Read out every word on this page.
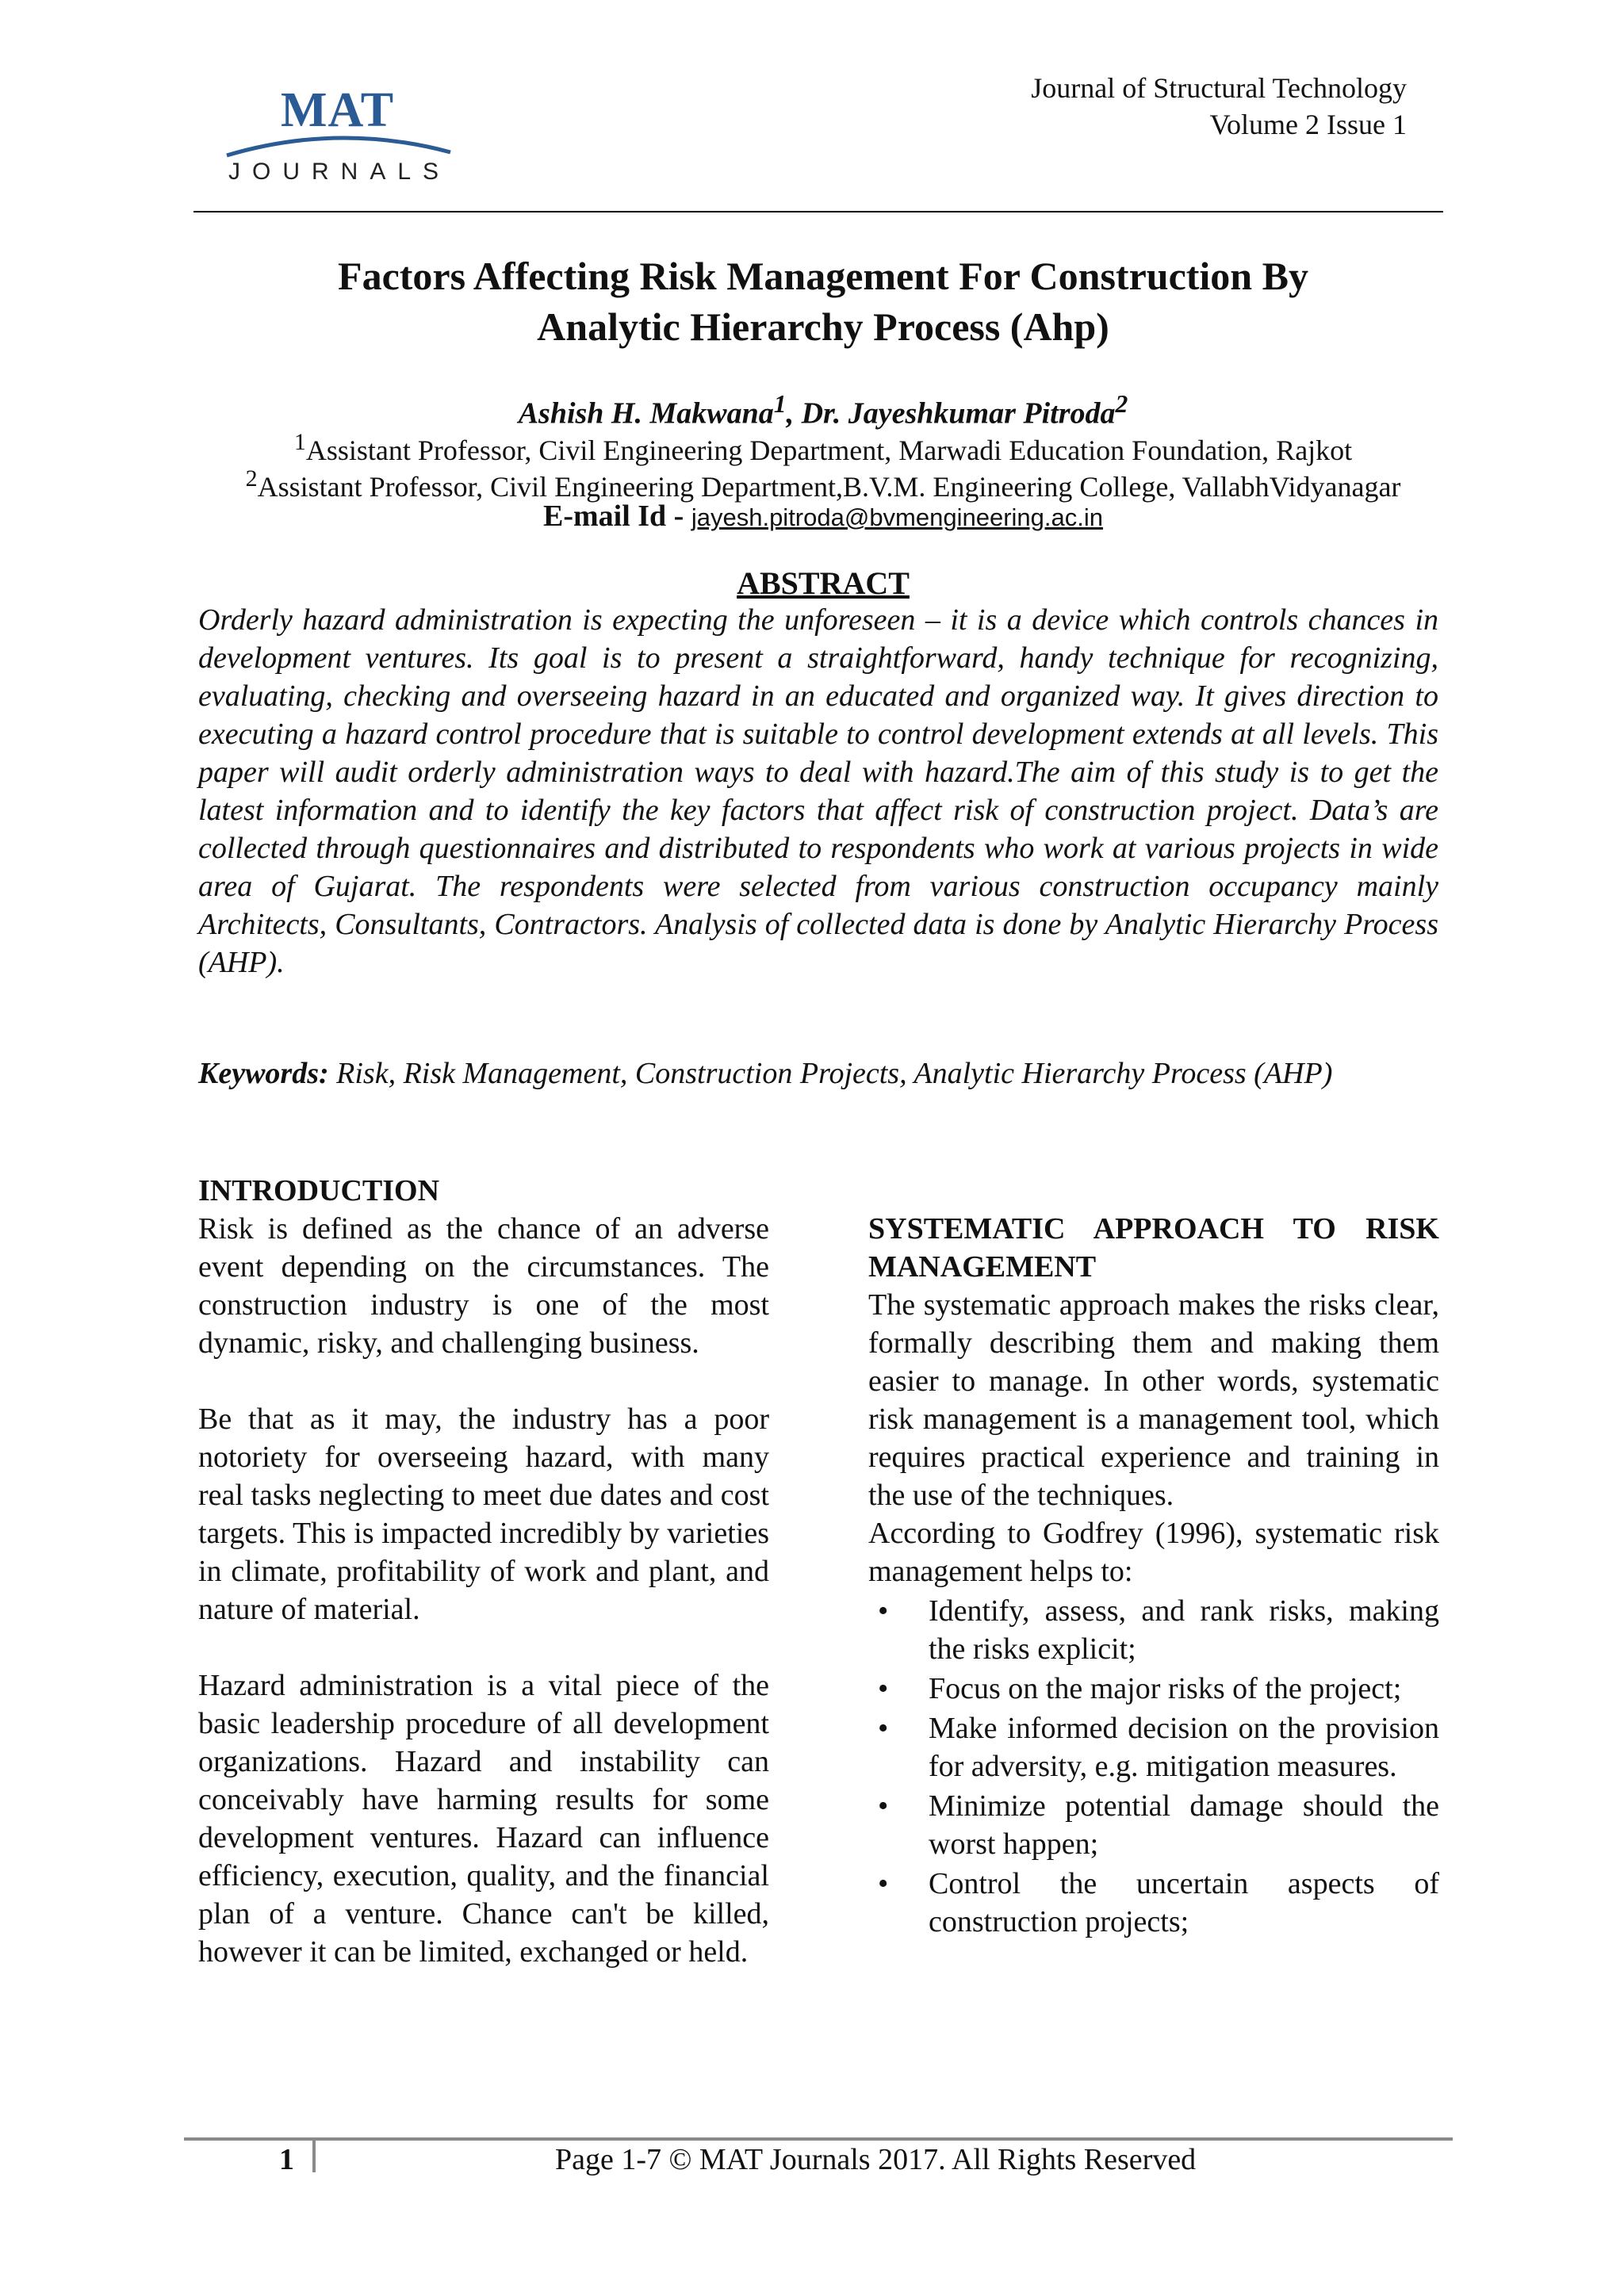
MAT
JOURNALS
Journal of Structural Technology
Volume 2 Issue 1
Factors Affecting Risk Management For Construction By
Analytic Hierarchy Process (Ahp)
Ashish H. Makwana$^1$, Dr. Jayeshkumar Pitroda$^2$
$^1$Assistant Professor, Civil Engineering Department, Marwadi Education Foundation, Rajkot
$^2$Assistant Professor, Civil Engineering Department,B.V.M. Engineering College, VallabhVidyanagar
E-mail Id - jayesh.pitroda@bvmengineering.ac.in
ABSTRACT
Orderly hazard administration is expecting the unforeseen – it is a device which controls chances in development ventures. Its goal is to present a straightforward, handy technique for recognizing, evaluating, checking and overseeing hazard in an educated and organized way. It gives direction to executing a hazard control procedure that is suitable to control development extends at all levels. This paper will audit orderly administration ways to deal with hazard.The aim of this study is to get the latest information and to identify the key factors that affect risk of construction project. Data’s are collected through questionnaires and distributed to respondents who work at various projects in wide area of Gujarat. The respondents were selected from various construction occupancy mainly Architects, Consultants, Contractors. Analysis of collected data is done by Analytic Hierarchy Process (AHP).
Keywords: Risk, Risk Management, Construction Projects, Analytic Hierarchy Process (AHP)
INTRODUCTION

Risk is defined as the chance of an adverse event depending on the circumstances. The construction industry is one of the most dynamic, risky, and challenging business.

Be that as it may, the industry has a poor notoriety for overseeing hazard, with many real tasks neglecting to meet due dates and cost targets. This is impacted incredibly by varieties in climate, profitability of work and plant, and nature of material.

Hazard administration is a vital piece of the basic leadership procedure of all development organizations. Hazard and instability can conceivably have harming results for some development ventures. Hazard can influence efficiency, execution, quality, and the financial plan of a venture. Chance can't be killed, however it can be limited, exchanged or held.

SYSTEMATIC APPROACH TO RISK MANAGEMENT

The systematic approach makes the risks clear, formally describing them and making them easier to manage. In other words, systematic risk management is a management tool, which requires practical experience and training in the use of the techniques.

According to Godfrey (1996), systematic risk management helps to:

• Identify, assess, and rank risks, making the risks explicit;
• Focus on the major risks of the project;
• Make informed decision on the provision for adversity, e.g. mitigation measures.
• Minimize potential damage should the worst happen;
• Control the uncertain aspects of construction projects;
1	Page 1-7 © MAT Journals 2017. All Rights Reserved
